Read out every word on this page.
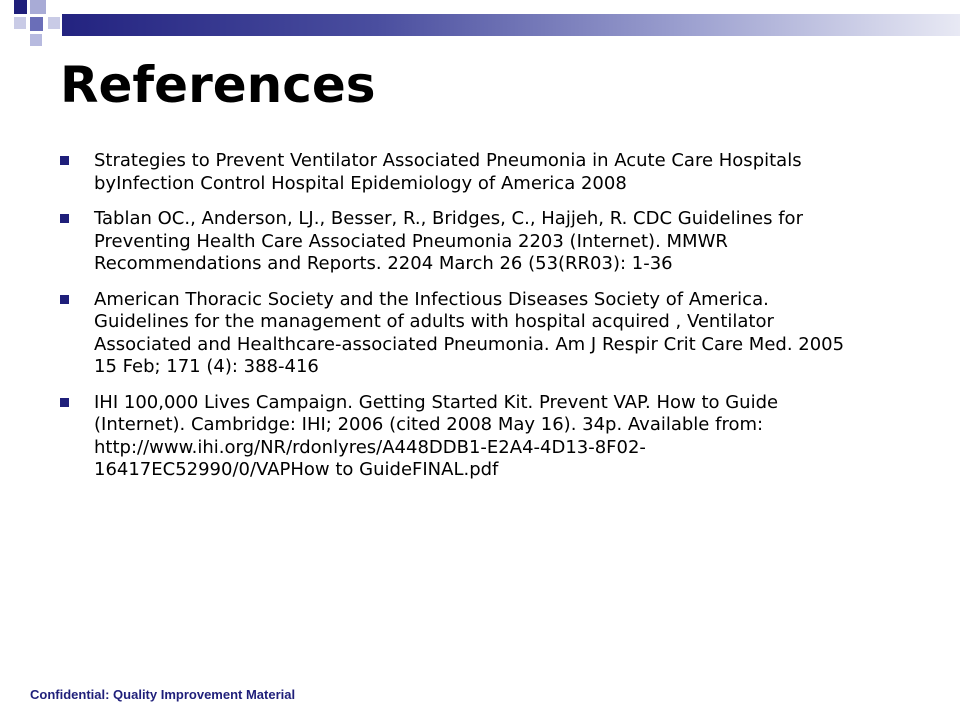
References
Strategies to Prevent Ventilator Associated Pneumonia in Acute Care Hospitals byInfection Control Hospital Epidemiology of America 2008
Tablan OC., Anderson, LJ., Besser, R., Bridges, C., Hajjeh, R. CDC Guidelines for Preventing Health Care Associated Pneumonia 2203 (Internet). MMWR Recommendations and Reports. 2204 March 26 (53(RR03): 1-36
American Thoracic Society and the Infectious Diseases Society of America. Guidelines for the management of adults with hospital acquired , Ventilator Associated and Healthcare-associated Pneumonia. Am J Respir Crit Care Med. 2005 15 Feb; 171 (4): 388-416
IHI 100,000 Lives Campaign. Getting Started Kit. Prevent VAP. How to Guide (Internet). Cambridge: IHI; 2006 (cited 2008 May 16). 34p. Available from: http://www.ihi.org/NR/rdonlyres/A448DDB1-E2A4-4D13-8F02-16417EC52990/0/VAPHow to GuideFINAL.pdf
Confidential: Quality Improvement Material
